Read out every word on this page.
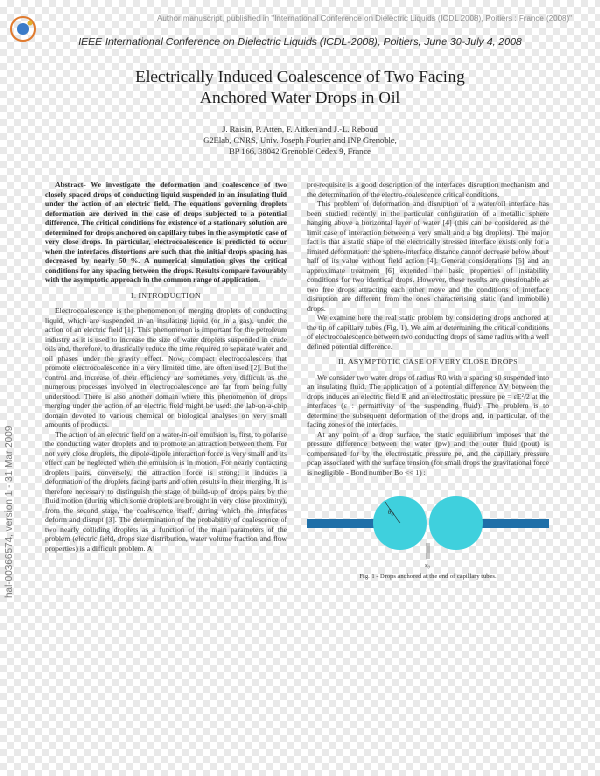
Author manuscript, published in "International Conference on Dielectric Liquids (ICDL 2008), Poitiers : France (2008)"
IEEE International Conference on Dielectric Liquids (ICDL-2008), Poitiers, June 30-July 4, 2008
hal-00366574, version 1 - 31 Mar 2009
Electrically Induced Coalescence of Two Facing
Anchored Water Drops in Oil
J. Raisin, P. Atten, F. Aitken and J.-L. Reboud
G2Elab, CNRS, Univ. Joseph Fourier and INP Grenoble,
BP 166, 38042 Grenoble Cedex 9, France
Abstract- We investigate the deformation and coalescence of two closely spaced drops of conducting liquid suspended in an insulating fluid under the action of an electric field. The equations governing droplets deformation are derived in the case of drops subjected to a potential difference. The critical conditions for existence of a stationary solution are determined for drops anchored on capillary tubes in the asymptotic case of very close drops. In particular, electrocoalescence is predicted to occur when the interfaces distortions are such that the initial drops spacing has decreased by nearly 50 %. A numerical simulation gives the critical conditions for any spacing between the drops. Results compare favourably with the asymptotic approach in the common range of application.
I. INTRODUCTION

Electrocoalescence is the phenomenon of merging droplets of conducting liquid, which are suspended in an insulating liquid (or in a gas), under the action of an electric field [1]. This phenomenon is important for the petroleum industry as it is used to increase the size of water droplets suspended in crude oils and, therefore, to drastically reduce the time required to separate water and oil phases under the gravity effect. Now, compact electrocoalescers that promote electrocoalescence in a very limited time, are often used [2]. But the control and increase of their efficiency are sometimes very difficult as the numerous processes involved in electrocoalescence are far from being fully understood. There is also another domain where this phenomenon of drops merging under the action of an electric field might be used: the lab-on-a-chip domain devoted to various chemical or biological analyses on very small amounts of products.

The action of an electric field on a water-in-oil emulsion is, first, to polarise the conducting water droplets and to promote an attraction between them. For not very close droplets, the dipole-dipole interaction force is very small and its effect can be neglected when the emulsion is in motion. For nearly contacting droplets pairs, conversely, the attraction force is strong; it induces a deformation of the droplets facing parts and often results in their merging. It is therefore necessary to distinguish the stage of build-up of drops pairs by the fluid motion (during which some droplets are brought in very close proximity), from the second stage, the coalescence itself, during which the interfaces deform and disrupt [3]. The determination of the probability of coalescence of two nearly colliding droplets as a function of the main parameters of the problem (electric field, drops size distribution, water volume fraction and flow properties) is a difficult problem. A

pre-requisite is a good description of the interfaces disruption mechanism and the determination of the electro-coalescence critical conditions.

This problem of deformation and disruption of a water/oil interface has been studied recently in the particular configuration of a metallic sphere hanging above a horizontal layer of water [4] (this can be considered as the limit case of interaction between a very small and a big droplets). The major fact is that a static shape of the electrically stressed interface exists only for a limited deformation: the sphere-interface distance cannot decrease below about half of its value without field action [4]. General considerations [5] and an approximate treatment [6] extended the basic properties of instability conditions for two identical drops. However, these results are questionable as two free drops attracting each other move and the conditions of interface disruption are different from the ones characterising static (and immobile) drops.

We examine here the real static problem by considering drops anchored at the tip of capillary tubes (Fig. 1). We aim at determining the critical conditions of electrocoalescence between two conducting drops of same radius with a well defined potential difference.

II. ASYMPTOTIC CASE OF VERY CLOSE DROPS

We consider two water drops of radius R0 with a spacing s0 suspended into an insulating fluid. The application of a potential difference ΔV between the drops induces an electric field E and an electrostatic pressure pe = εE²/2 at the interfaces (ε : permittivity of the suspending fluid). The problem is to determine the subsequent deformation of the drops and, in particular, of the facing zones of the interfaces.

At any point of a drop surface, the static equilibrium imposes that the pressure difference between the water (pw) and the outer fluid (pout) is compensated for by the electrostatic pressure pe, and the capillary pressure pcap associated with the surface tension (for small drops the gravitational force is negligible - Bond number Bo << 1) :

θ₀
s₀
Fig. 1 - Drops anchored at the end of capillary tubes.
